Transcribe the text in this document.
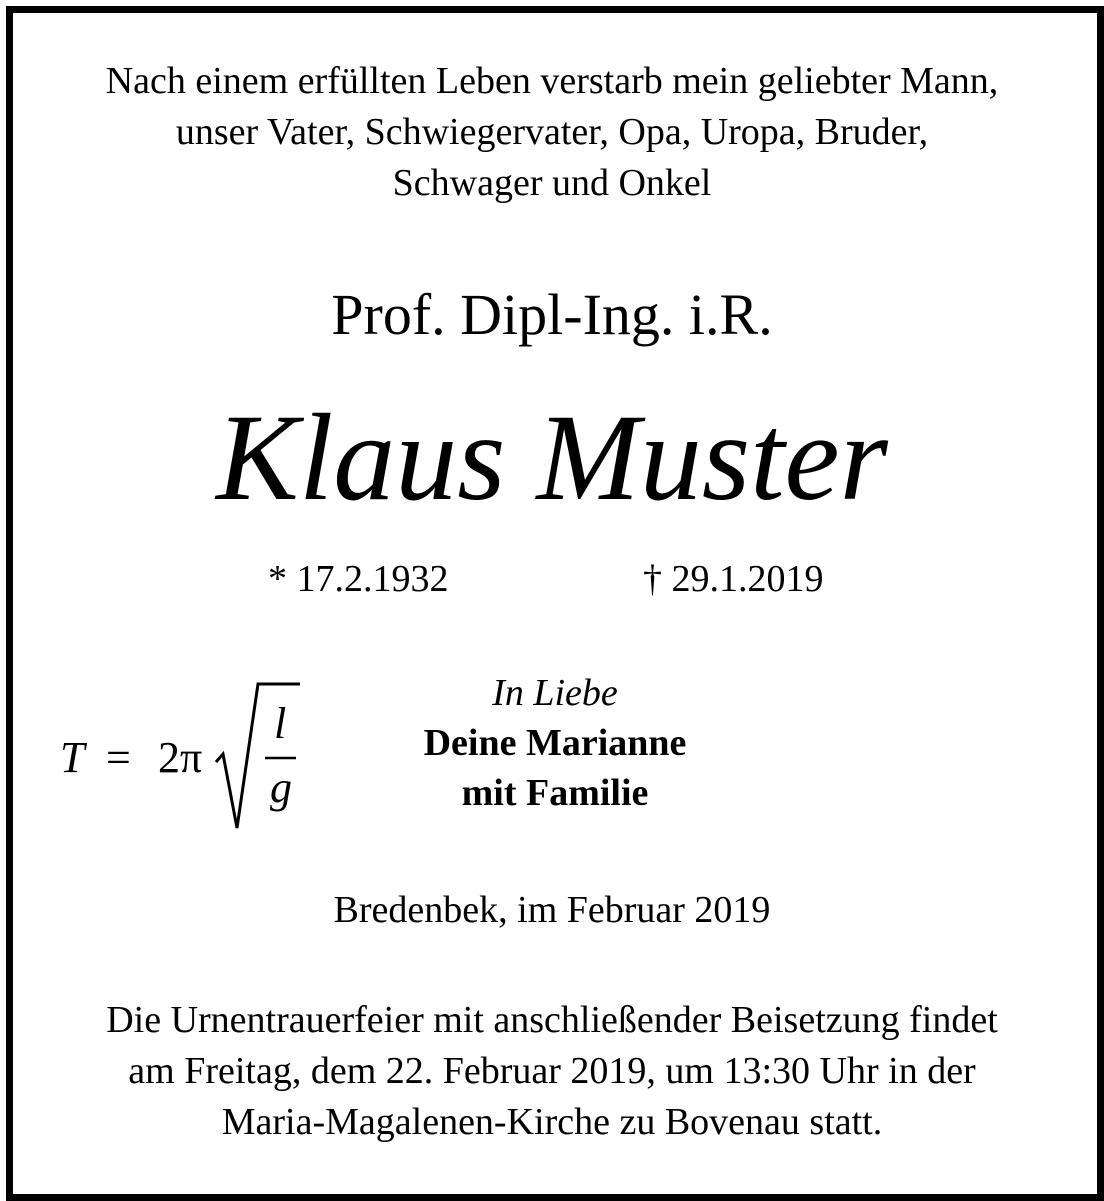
Nach einem erfüllten Leben verstarb mein geliebter Mann,
unser Vater, Schwiegervater, Opa, Uropa, Bruder,
Schwager und Onkel
Prof. Dipl-Ing. i.R.
Klaus Muster
* 17.2.1932	† 29.1.2019
T = 2π
l
g
In Liebe
Deine Marianne
mit Familie
Bredenbek, im Februar 2019
Die Urnentrauerfeier mit anschließender Beisetzung findet
am Freitag, dem 22. Februar 2019, um 13:30 Uhr in der
Maria-Magalenen-Kirche zu Bovenau statt.
